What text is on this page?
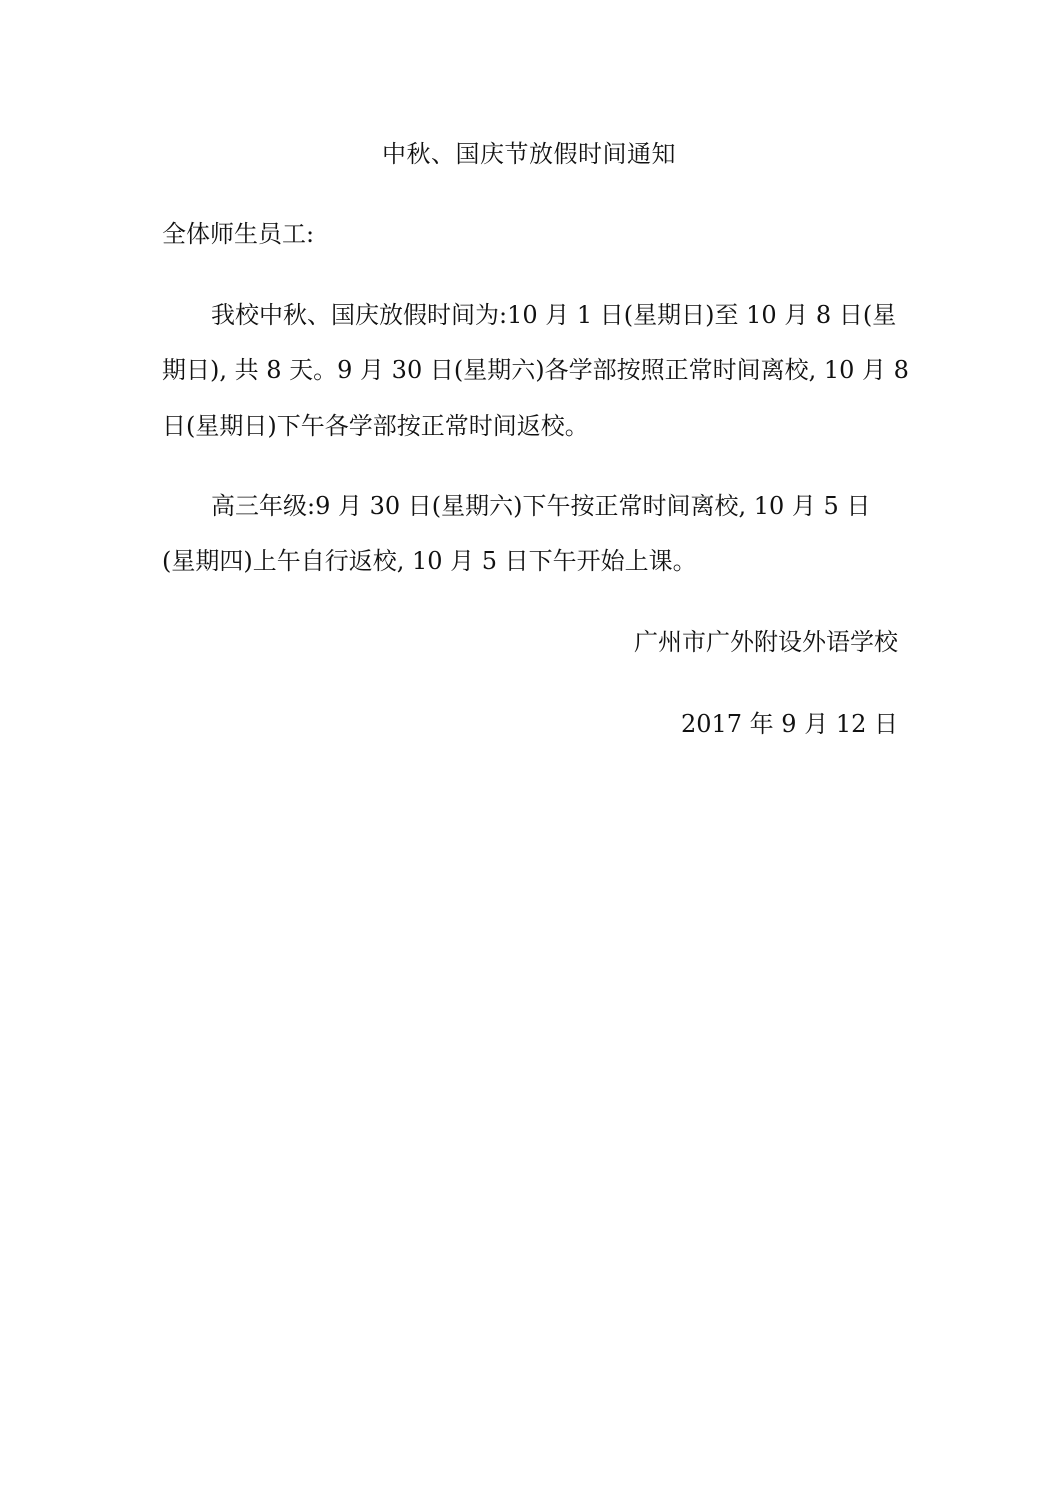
中秋、国庆节放假时间通知
全体师生员工:
我校中秋、国庆放假时间为:10 月 1 日(星期日)至 10 月 8 日(星
期日), 共 8 天。9 月 30 日(星期六)各学部按照正常时间离校, 10 月 8
日(星期日)下午各学部按正常时间返校。
高三年级:9 月 30 日(星期六)下午按正常时间离校, 10 月 5 日
(星期四)上午自行返校, 10 月 5 日下午开始上课。
广州市广外附设外语学校
2017 年 9 月 12 日
